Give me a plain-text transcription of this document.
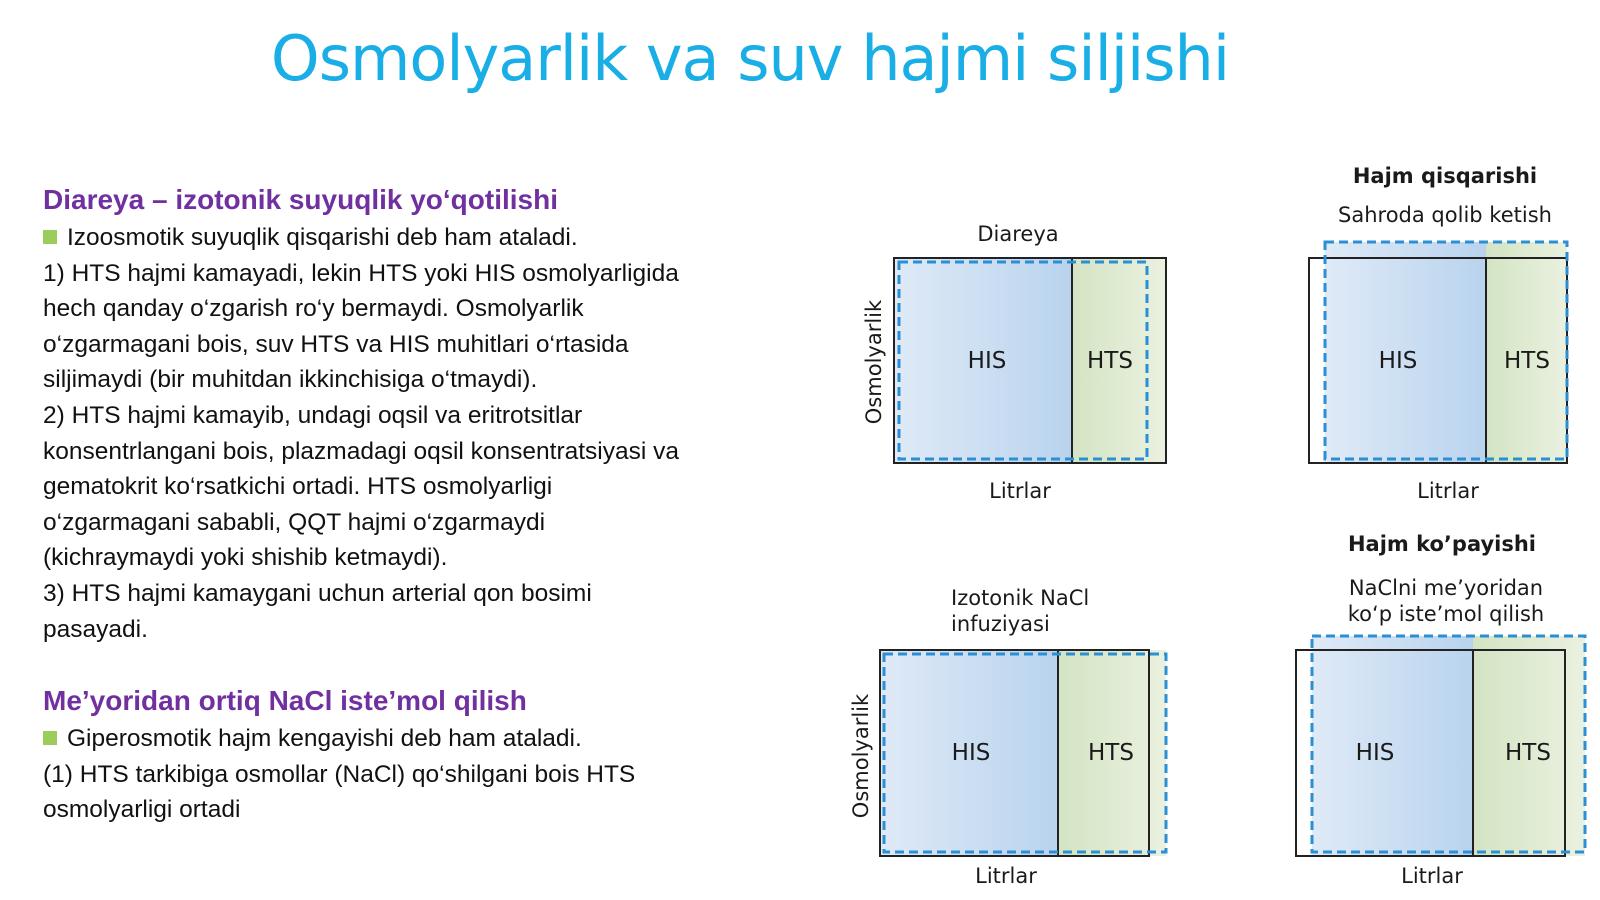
Osmolyarlik va suv hajmi siljishi
Diareya – izotonik suyuqlik yo‘qotilishi
Izoosmotik suyuqlik qisqarishi deb ham ataladi.
1) HTS hajmi kamayadi, lekin HTS yoki HIS osmolyarligida
hech qanday o‘zgarish ro‘y bermaydi. Osmolyarlik
o‘zgarmagani bois, suv HTS va HIS muhitlari o‘rtasida
siljimaydi (bir muhitdan ikkinchisiga o‘tmaydi).
2) HTS hajmi kamayib, undagi oqsil va eritrotsitlar
konsentrlangani bois, plazmadagi oqsil konsentratsiyasi va
gematokrit ko‘rsatkichi ortadi. HTS osmolyarligi
o‘zgarmagani sababli, QQT hajmi o‘zgarmaydi
(kichraymaydi yoki shishib ketmaydi).
3) HTS hajmi kamaygani uchun arterial qon bosimi
pasayadi.
Me’yoridan ortiq NaCl iste’mol qilish
Giperosmotik hajm kengayishi deb ham ataladi.
(1) HTS tarkibiga osmollar (NaCl) qo‘shilgani bois HTS
osmolyarligi ortadi
Hajm qisqarishi
Hajm ko’payishi
Diareya
HIS	HTS
Osmolyarlik
Litrlar
Sahroda qolib ketish
HIS	HTS
Litrlar
Izotonik NaCl
infuziyasi
HIS	HTS
Osmolyarlik
Litrlar
NaClni me’yoridan
ko‘p iste’mol qilish
HIS	HTS
Litrlar
